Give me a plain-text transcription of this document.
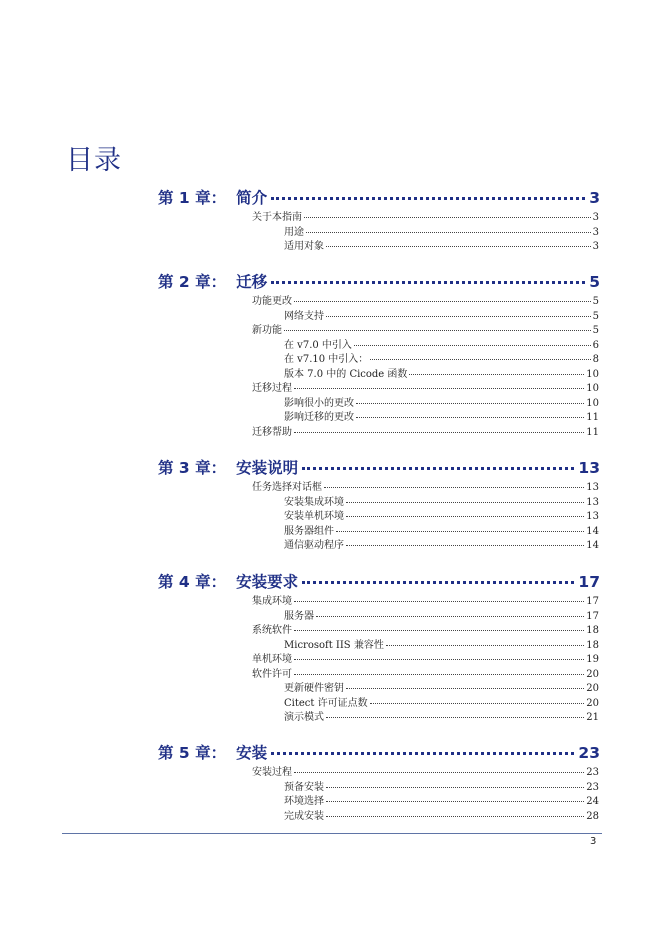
目录
第 1 章： 简介	3
关于本指南	3
用途	3
适用对象	3
第 2 章： 迁移	5
功能更改	5
网络支持	5
新功能	5
在 v7.0 中引入	6
在 v7.10 中引入：	8
版本 7.0 中的 Cicode 函数	10
迁移过程	10
影响很小的更改	10
影响迁移的更改	11
迁移帮助	11
第 3 章： 安装说明	13
任务选择对话框	13
安装集成环境	13
安装单机环境	13
服务器组件	14
通信驱动程序	14
第 4 章： 安装要求	17
集成环境	17
服务器	17
系统软件	18
Microsoft IIS 兼容性	18
单机环境	19
软件许可	20
更新硬件密钥	20
Citect 许可证点数	20
演示模式	21
第 5 章： 安装	23
安装过程	23
预备安装	23
环境选择	24
完成安装	28
3
